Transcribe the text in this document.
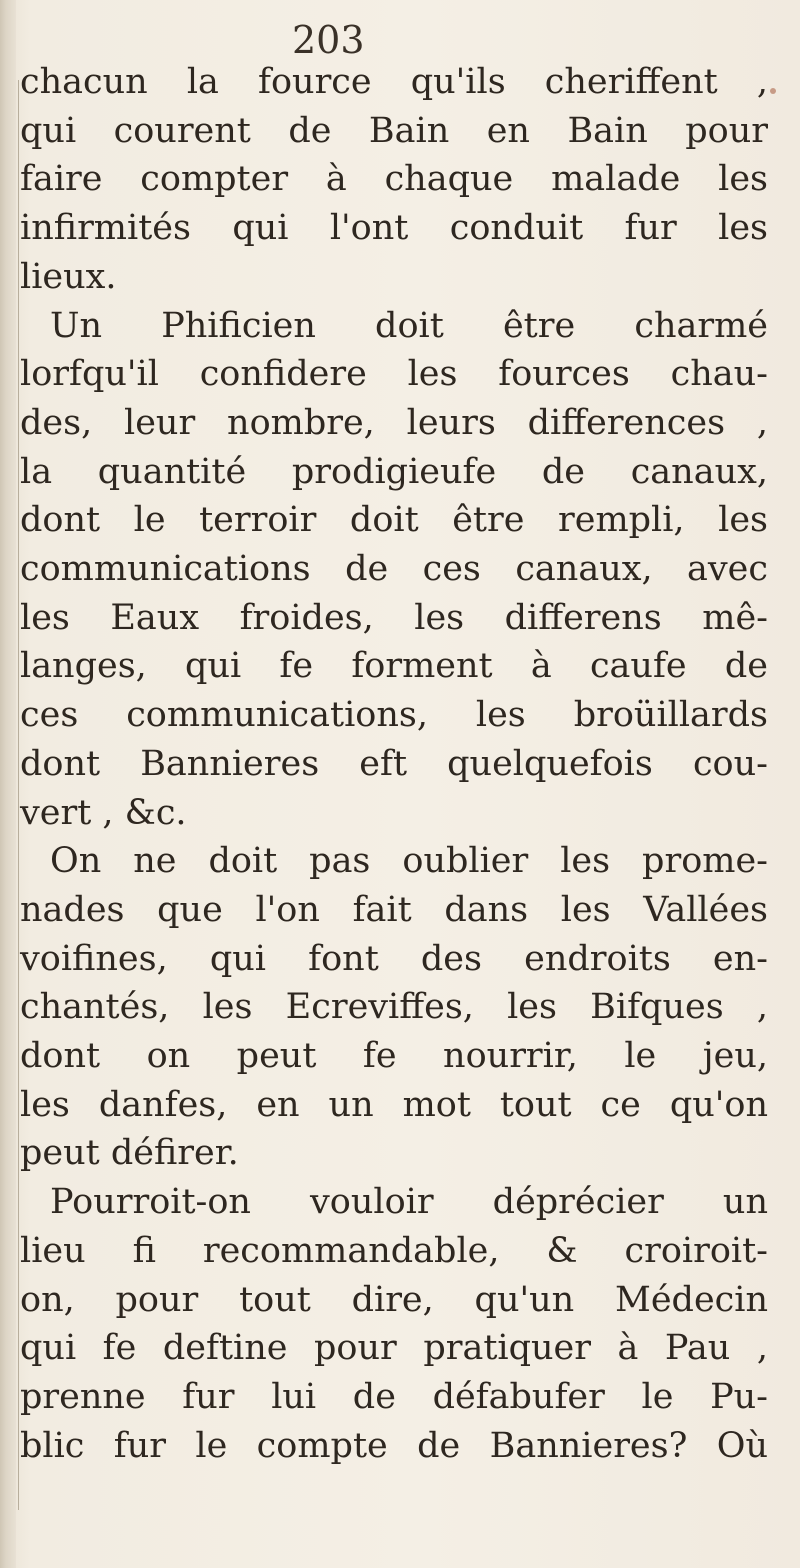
203
chacun la fource qu'ils cheriffent ,
qui courent de Bain en Bain pour
faire compter à chaque malade les
infirmités qui l'ont conduit fur les
lieux.
Un Phificien doit être charmé
lorfqu'il confidere les fources chau-
des, leur nombre, leurs differences ,
la quantité prodigieufe de canaux,
dont le terroir doit être rempli, les
communications de ces canaux, avec
les Eaux froides, les differens mê-
langes, qui fe forment à caufe de
ces communications, les broüillards
dont Bannieres eft quelquefois cou-
vert , &c.
On ne doit pas oublier les prome-
nades que l'on fait dans les Vallées
voifines, qui font des endroits en-
chantés, les Ecreviffes, les Bifques ,
dont on peut fe nourrir, le jeu,
les danfes, en un mot tout ce qu'on
peut défirer.
Pourroit-on vouloir déprécier un
lieu fi recommandable, & croiroit-
on, pour tout dire, qu'un Médecin
qui fe deftine pour pratiquer à Pau ,
prenne fur lui de défabufer le Pu-
blic fur le compte de Bannieres? Où
